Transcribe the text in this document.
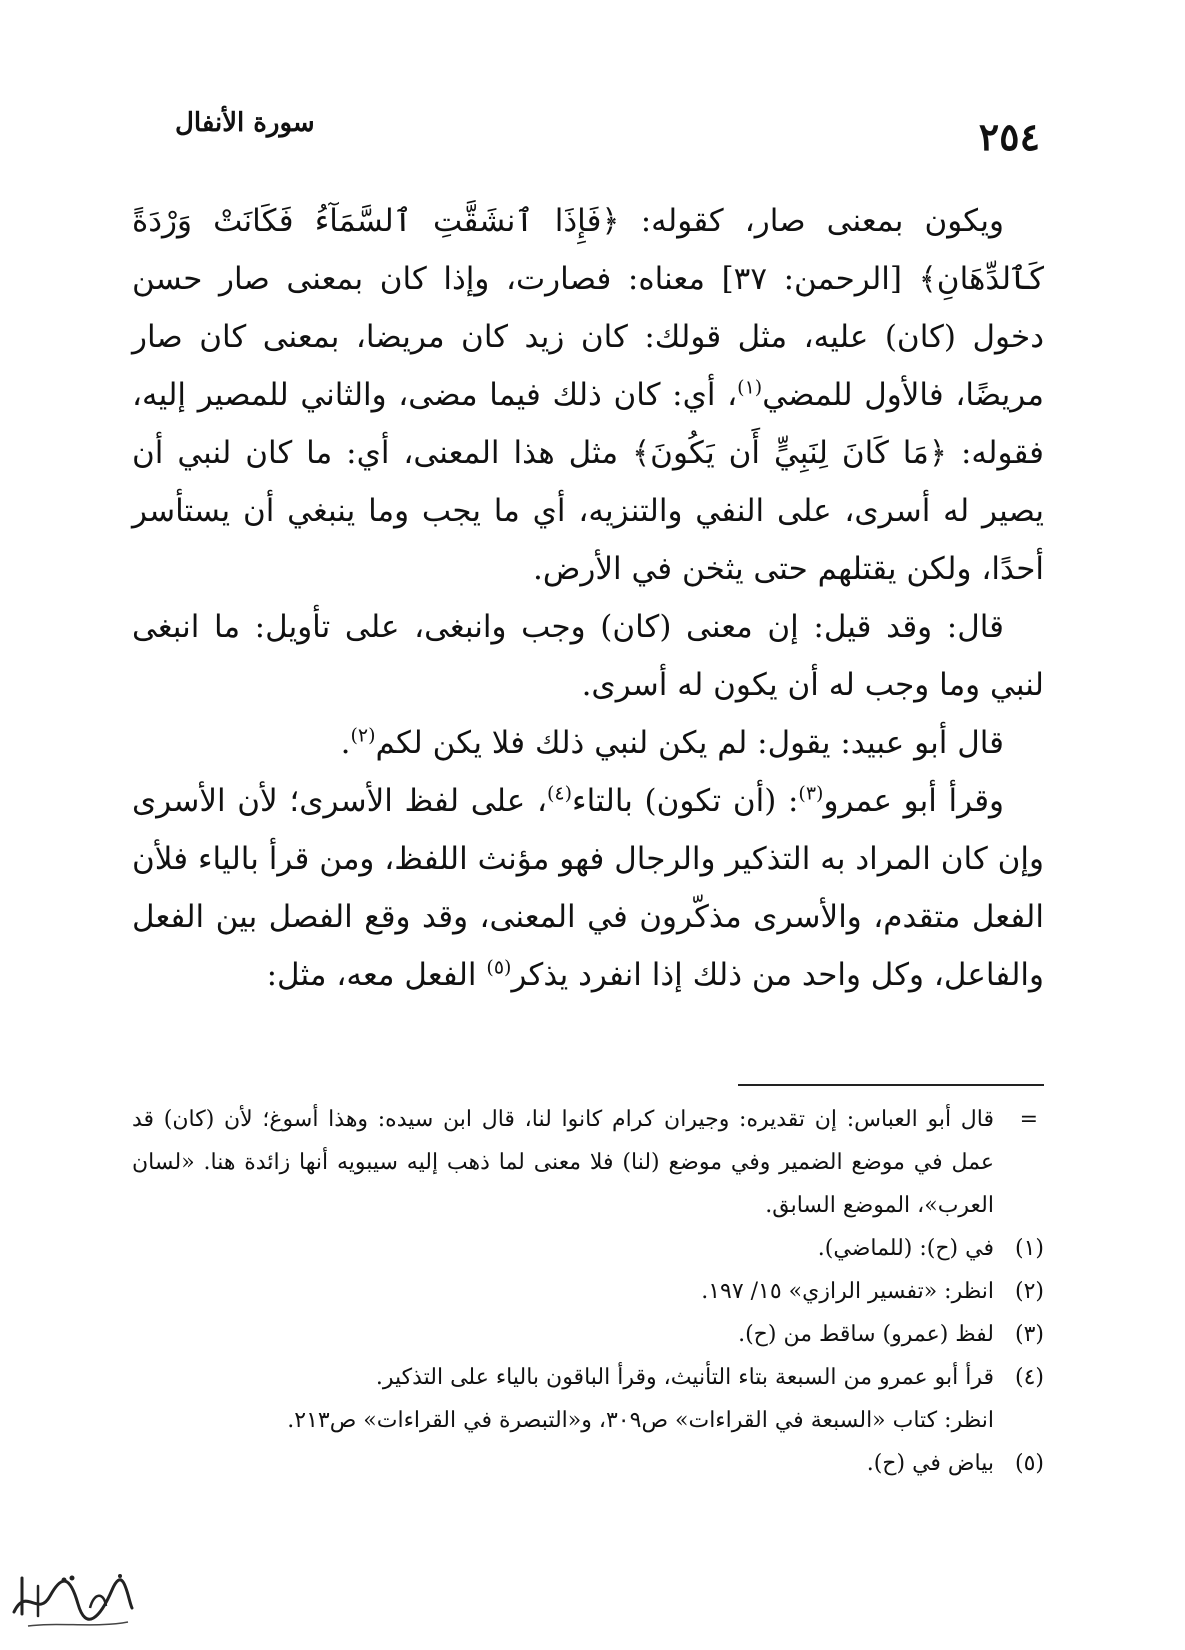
سورة الأنفال	٢٥٤

ويكون بمعنى صار، كقوله: ﴿فَإِذَا ٱنشَقَّتِ ٱلسَّمَآءُ فَكَانَتْ وَرْدَةً كَٱلدِّهَانِ﴾ [الرحمن: ٣٧] معناه: فصارت، وإذا كان بمعنى صار حسن دخول (كان) عليه، مثل قولك: كان زيد كان مريضا، بمعنى كان صار مريضًا، فالأول للمضي$^{(١)}$، أي: كان ذلك فيما مضى، والثاني للمصير إليه، فقوله: ﴿مَا كَانَ لِنَبِيٍّ أَن يَكُونَ﴾ مثل هذا المعنى، أي: ما كان لنبي أن يصير له أسرى، على النفي والتنزيه، أي ما يجب وما ينبغي أن يستأسر أحدًا، ولكن يقتلهم حتى يثخن في الأرض.

قال: وقد قيل: إن معنى (كان) وجب وانبغى، على تأويل: ما انبغى لنبي وما وجب له أن يكون له أسرى.

قال أبو عبيد: يقول: لم يكن لنبي ذلك فلا يكن لكم$^{(٢)}$.

وقرأ أبو عمرو$^{(٣)}$: (أن تكون) بالتاء$^{(٤)}$، على لفظ الأسرى؛ لأن الأسرى وإن كان المراد به التذكير والرجال فهو مؤنث اللفظ، ومن قرأ بالياء فلأن الفعل متقدم، والأسرى مذكّرون في المعنى، وقد وقع الفصل بين الفعل والفاعل، وكل واحد من ذلك إذا انفرد يذكر$^{(٥)}$ الفعل معه، مثل:

=
قال أبو العباس: إن تقديره: وجيران كرام كانوا لنا، قال ابن سيده: وهذا أسوغ؛ لأن (كان) قد عمل في موضع الضمير وفي موضع (لنا) فلا معنى لما ذهب إليه سيبويه أنها زائدة هنا. «لسان العرب»، الموضع السابق.
(١)
في (ح): (للماضي).
(٢)
انظر: «تفسير الرازي» ١٥/ ١٩٧.
(٣)
لفظ (عمرو) ساقط من (ح).
(٤)
قرأ أبو عمرو من السبعة بتاء التأنيث، وقرأ الباقون بالياء على التذكير.
انظر: كتاب «السبعة في القراءات» ص٣٠٩، و«التبصرة في القراءات» ص٢١٣.
(٥)
بياض في (ح).
